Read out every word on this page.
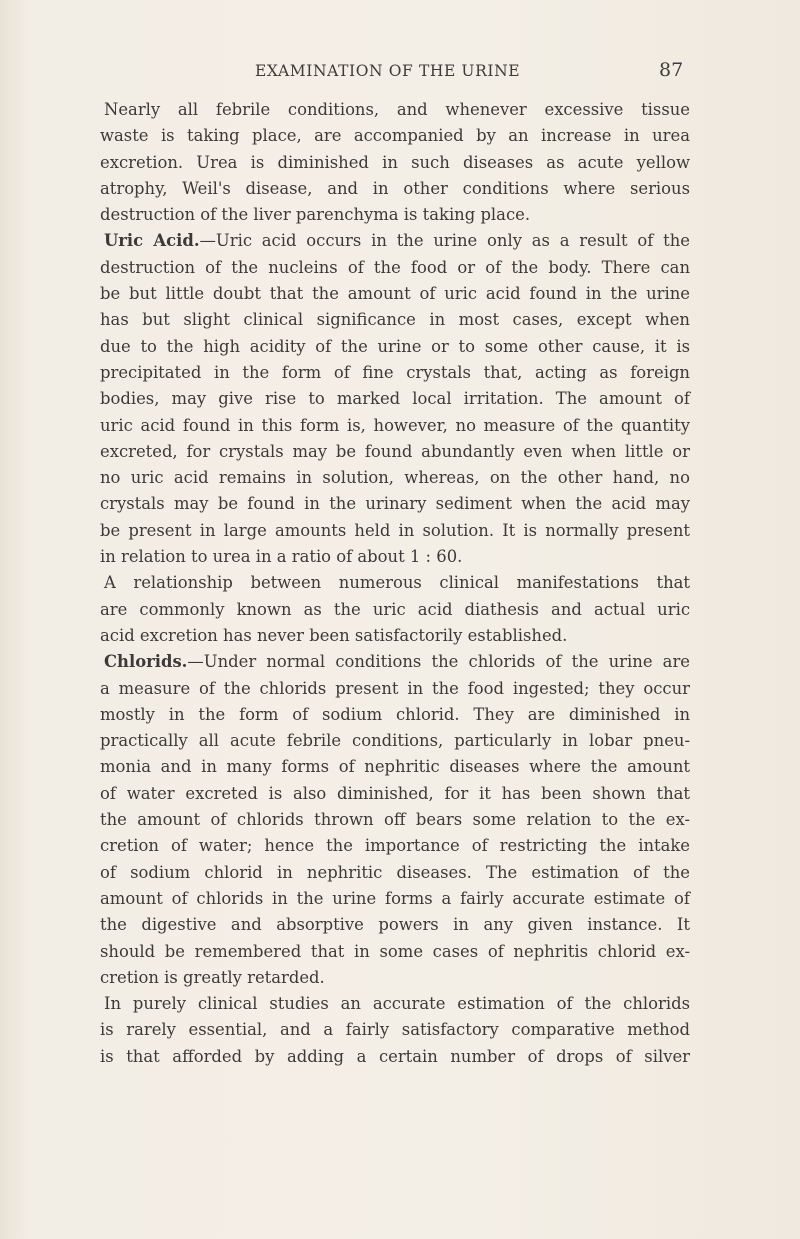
EXAMINATION OF THE URINE	87

Nearly all febrile conditions, and whenever excessive tissue
waste is taking place, are accompanied by an increase in urea
excretion. Urea is diminished in such diseases as acute yellow
atrophy, Weil's disease, and in other conditions where serious
destruction of the liver parenchyma is taking place.

Uric Acid.—Uric acid occurs in the urine only as a result of the
destruction of the nucleins of the food or of the body. There can
be but little doubt that the amount of uric acid found in the urine
has but slight clinical significance in most cases, except when
due to the high acidity of the urine or to some other cause, it is
precipitated in the form of fine crystals that, acting as foreign
bodies, may give rise to marked local irritation. The amount of
uric acid found in this form is, however, no measure of the quantity
excreted, for crystals may be found abundantly even when little or
no uric acid remains in solution, whereas, on the other hand, no
crystals may be found in the urinary sediment when the acid may
be present in large amounts held in solution. It is normally present
in relation to urea in a ratio of about 1 : 60.

A relationship between numerous clinical manifestations that
are commonly known as the uric acid diathesis and actual uric
acid excretion has never been satisfactorily established.

Chlorids.—Under normal conditions the chlorids of the urine are
a measure of the chlorids present in the food ingested; they occur
mostly in the form of sodium chlorid. They are diminished in
practically all acute febrile conditions, particularly in lobar pneu-
monia and in many forms of nephritic diseases where the amount
of water excreted is also diminished, for it has been shown that
the amount of chlorids thrown off bears some relation to the ex-
cretion of water; hence the importance of restricting the intake
of sodium chlorid in nephritic diseases. The estimation of the
amount of chlorids in the urine forms a fairly accurate estimate of
the digestive and absorptive powers in any given instance. It
should be remembered that in some cases of nephritis chlorid ex-
cretion is greatly retarded.

In purely clinical studies an accurate estimation of the chlorids
is rarely essential, and a fairly satisfactory comparative method
is that afforded by adding a certain number of drops of silver
